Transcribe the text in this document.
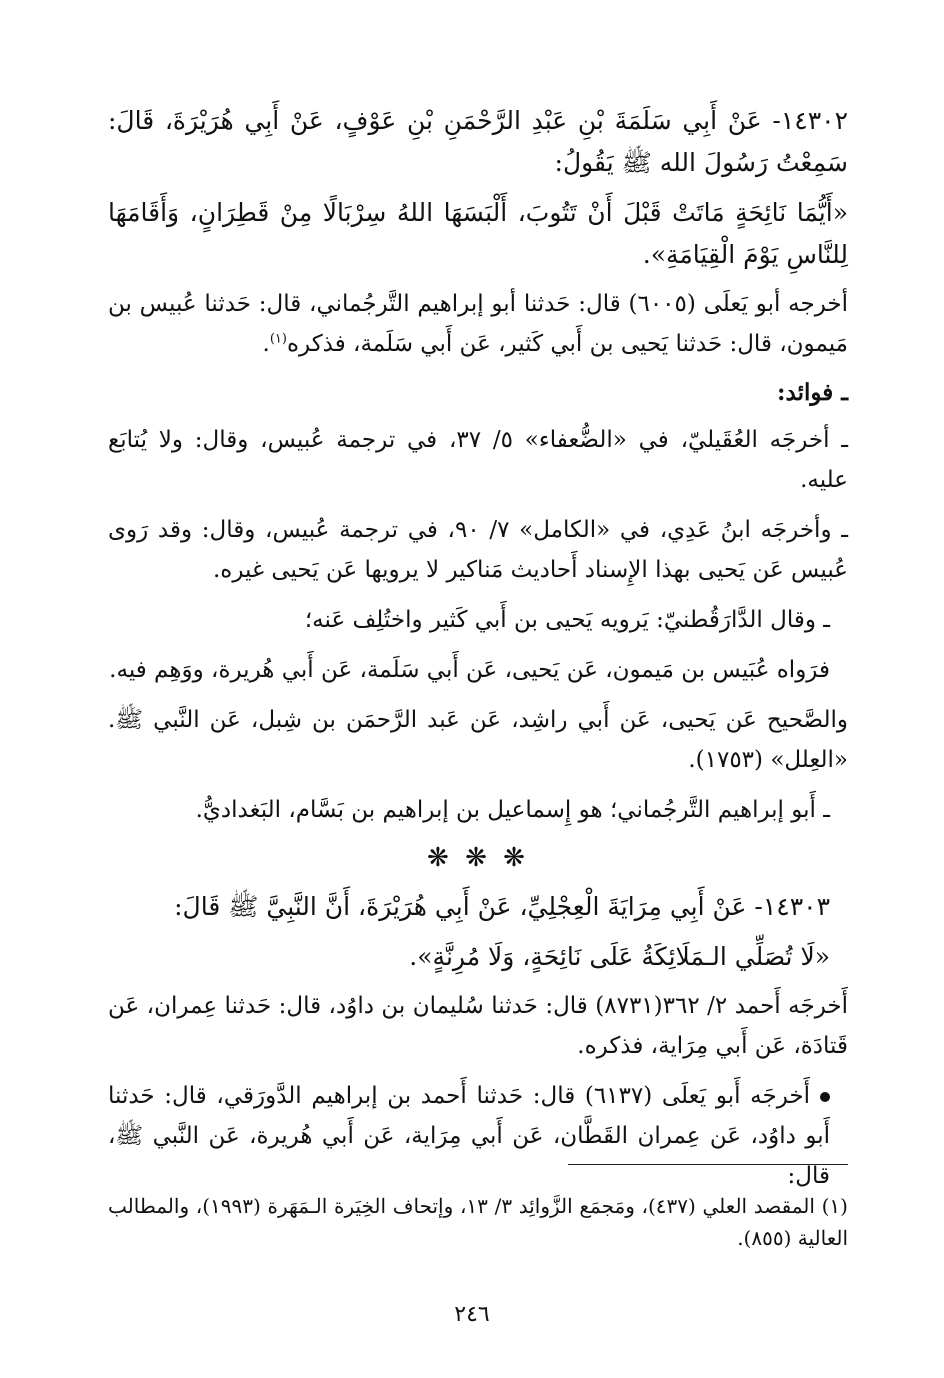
١٤٣٠٢- عَنْ أَبِي سَلَمَةَ بْنِ عَبْدِ الرَّحْمَنِ بْنِ عَوْفٍ، عَنْ أَبِي هُرَيْرَةَ، قَالَ: سَمِعْتُ رَسُولَ الله ﷺ يَقُولُ:

«أَيُّمَا نَائِحَةٍ مَاتَتْ قَبْلَ أَنْ تَتُوبَ، أَلْبَسَهَا اللهُ سِرْبَالًا مِنْ قَطِرَانٍ، وَأَقَامَهَا لِلنَّاسِ يَوْمَ الْقِيَامَةِ».

أخرجه أبو يَعلَى (٦٠٠٥) قال: حَدثنا أبو إبراهيم التَّرجُماني، قال: حَدثنا عُبيس بن مَيمون، قال: حَدثنا يَحيى بن أَبي كَثير، عَن أَبي سَلَمة، فذكره$^{(١)}$.

ـ فوائد:

ـ أخرجَه العُقَيليّ، في «الضُّعفاء» ٥/ ٣٧، في ترجمة عُبيس، وقال: ولا يُتابَع عليه.

ـ وأخرجَه ابنُ عَدِي، في «الكامل» ٧/ ٩٠، في ترجمة عُبيس، وقال: وقد رَوى عُبيس عَن يَحيى بهذا الإِسناد أَحاديث مَناكير لا يرويها عَن يَحيى غيره.

ـ وقال الدَّارَقُطنيّ: يَرويه يَحيى بن أَبي كَثير واختُلِف عَنه؛

فرَواه عُبَيس بن مَيمون، عَن يَحيى، عَن أَبي سَلَمة، عَن أَبي هُريرة، ووَهِم فيه.

والصَّحيح عَن يَحيى، عَن أَبي راشِد، عَن عَبد الرَّحمَن بن شِبل، عَن النَّبي ﷺ. «العِلل» (١٧٥٣).

ـ أَبو إبراهيم التَّرجُماني؛ هو إِسماعيل بن إبراهيم بن بَسَّام، البَغداديُّ.

❋ ❋ ❋

١٤٣٠٣- عَنْ أَبِي مِرَايَةَ الْعِجْلِيِّ، عَنْ أَبِي هُرَيْرَةَ، أَنَّ النَّبِيَّ ﷺ قَالَ:

«لَا تُصَلِّي الـمَلَائِكَةُ عَلَى نَائِحَةٍ، وَلَا مُرِنَّةٍ».

أَخرجَه أَحمد ٢/ ٣٦٢(٨٧٣١) قال: حَدثنا سُليمان بن داوُد، قال: حَدثنا عِمران، عَن قَتادَة، عَن أَبي مِرَاية، فذكره.

أَخرجَه أَبو يَعلَى (٦١٣٧) قال: حَدثنا أَحمد بن إبراهيم الدَّورَقي، قال: حَدثنا أَبو داوُد، عَن عِمران القَطَّان، عَن أَبي مِرَاية، عَن أَبي هُريرة، عَن النَّبي ﷺ، قال:

(١) المقصد العلي (٤٣٧)، ومَجمَع الزَّوائِد ٣/ ١٣، وإتحاف الخِيَرة الـمَهَرة (١٩٩٣)، والمطالب العالية (٨٥٥).
٢٤٦
